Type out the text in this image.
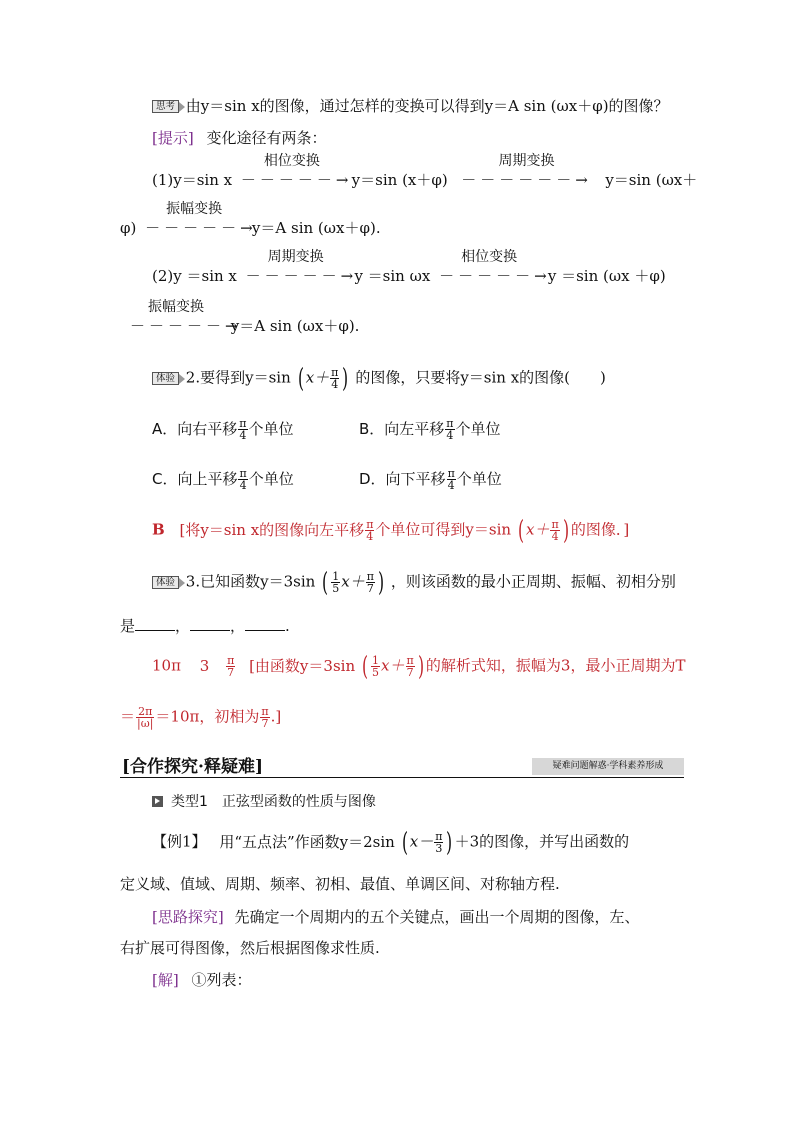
思考 由y＝sin x的图像，通过怎样的变换可以得到y＝A sin (ωx＋φ)的图像？
[提示] 变化途径有两条：
(1)y＝sin x
相位变换
－－－－－→ y＝sin (x＋φ)
周期变换
－－－－－－→ y＝sin (ωx＋
φ)
振幅变换
－－－－－→ y＝A sin (ωx＋φ).
(2)y ＝sin x
周期变换
－－－－－→ y ＝sin ωx
相位变换
－－－－－→ y ＝sin (ωx ＋φ)
振幅变换
－－－－－→ y＝A sin (ωx＋φ).
体验 2.要得到y＝sin ( $x+ \frac{\pi}{4}$ ) 的图像，只要将y＝sin x的图像(　　)
A．向右平移 $\frac{\pi}{4}$ 个单位	B．向左平移 $\frac{\pi}{4}$ 个单位
C．向上平移 $\frac{\pi}{4}$ 个单位	D．向下平移 $\frac{\pi}{4}$ 个单位
B [将y＝sin x的图像向左平移 $\frac{\pi}{4}$ 个单位可得到y＝sin ( $x+ \frac{\pi}{4}$ ) 的图像．]
体验 3.已知函数y＝3sin ( $\frac{1}{5} x+ \frac{\pi}{7}$ ) ，则该函数的最小正周期、振幅、初相分别
是	，	，	.
10π $3 \frac{\pi}{7}$ [由函数y＝3sin ( $\frac{1}{5} x+ \frac{\pi}{7}$ ) 的解析式知，振幅为3，最小正周期为T
＝ $\frac{2\pi}{|\omega|} =10\pi$，初相为 $\frac{\pi}{7}$ .]
[合作探究·释疑难]	疑难问题解惑·学科素养形成
类型1　正弦型函数的性质与图像
【例1】 用“五点法”作函数y＝2sin ( $x- \frac{\pi}{3}$ ) ＋3的图像，并写出函数的
定义域、值域、周期、频率、初相、最值、单调区间、对称轴方程.
[思路探究] 先确定一个周期内的五个关键点，画出一个周期的图像，左、
右扩展可得图像，然后根据图像求性质.
[解] ①列表：
